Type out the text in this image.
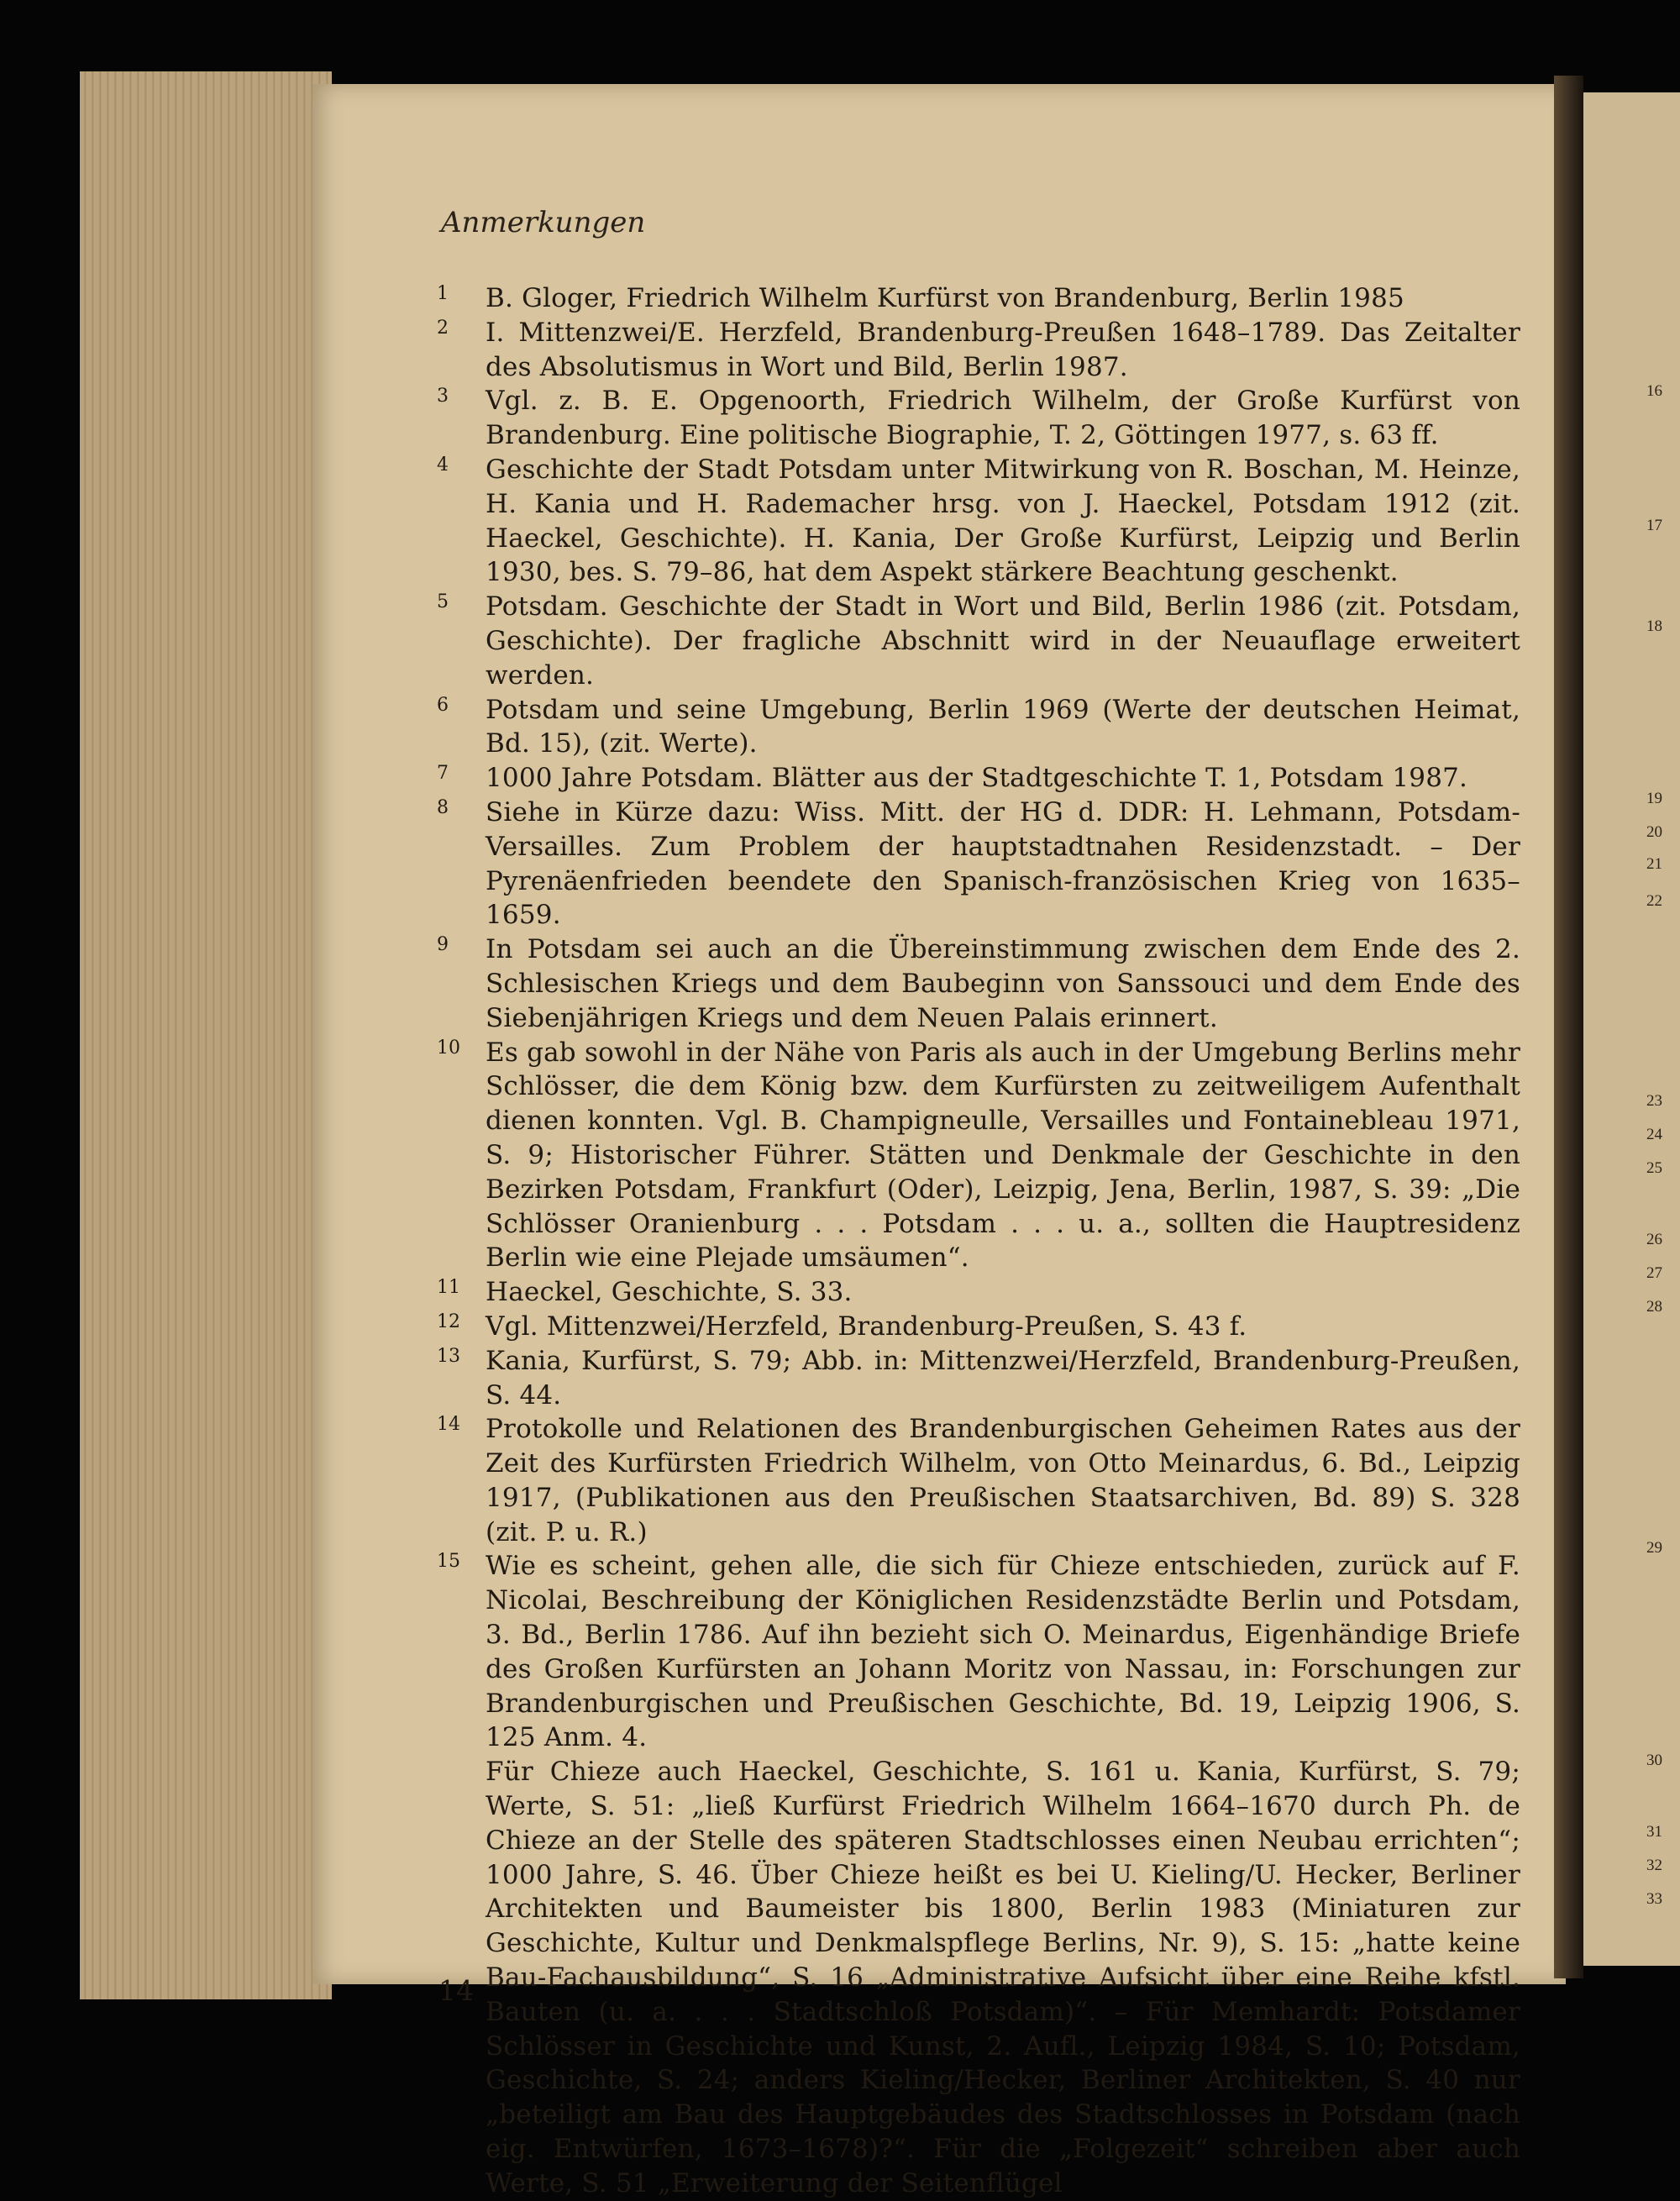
Anmerkungen
1	B. Gloger, Friedrich Wilhelm Kurfürst von Brandenburg, Berlin 1985

2	I. Mittenzwei/E. Herzfeld, Brandenburg-Preußen 1648–1789. Das Zeitalter des Absolutismus in Wort und Bild, Berlin 1987.

3	Vgl. z. B. E. Opgenoorth, Friedrich Wilhelm, der Große Kurfürst von Brandenburg. Eine politische Biographie, T. 2, Göttingen 1977, s. 63 ff.

4	Geschichte der Stadt Potsdam unter Mitwirkung von R. Boschan, M. Heinze, H. Kania und H. Rademacher hrsg. von J. Haeckel, Potsdam 1912 (zit. Haeckel, Geschichte). H. Kania, Der Große Kurfürst, Leipzig und Berlin 1930, bes. S. 79–86, hat dem Aspekt stärkere Beachtung geschenkt.

5	Potsdam. Geschichte der Stadt in Wort und Bild, Berlin 1986 (zit. Potsdam, Geschichte). Der fragliche Abschnitt wird in der Neuauflage erweitert werden.

6	Potsdam und seine Umgebung, Berlin 1969 (Werte der deutschen Heimat, Bd. 15), (zit. Werte).

7	1000 Jahre Potsdam. Blätter aus der Stadtgeschichte T. 1, Potsdam 1987.

8	Siehe in Kürze dazu: Wiss. Mitt. der HG d. DDR: H. Lehmann, Potsdam-Versailles. Zum Problem der hauptstadtnahen Residenzstadt. – Der Pyrenäenfrieden beendete den Spanisch-französischen Krieg von 1635–1659.

9	In Potsdam sei auch an die Übereinstimmung zwischen dem Ende des 2. Schlesischen Kriegs und dem Baubeginn von Sanssouci und dem Ende des Siebenjährigen Kriegs und dem Neuen Palais erinnert.

10 Es gab sowohl in der Nähe von Paris als auch in der Umgebung Berlins mehr Schlösser, die dem König bzw. dem Kurfürsten zu zeitweiligem Aufenthalt dienen konnten. Vgl. B. Champigneulle, Versailles und Fontainebleau 1971, S. 9; Historischer Führer. Stätten und Denkmale der Geschichte in den Bezirken Potsdam, Frankfurt (Oder), Leizpig, Jena, Berlin, 1987, S. 39: „Die Schlösser Oranienburg . . . Potsdam . . . u. a., sollten die Hauptresidenz Berlin wie eine Plejade umsäumen“.

11 Haeckel, Geschichte, S. 33.

12 Vgl. Mittenzwei/Herzfeld, Brandenburg-Preußen, S. 43 f.

13 Kania, Kurfürst, S. 79; Abb. in: Mittenzwei/Herzfeld, Brandenburg-Preußen, S. 44.

14 Protokolle und Relationen des Brandenburgischen Geheimen Rates aus der Zeit des Kurfürsten Friedrich Wilhelm, von Otto Meinardus, 6. Bd., Leipzig 1917, (Publikationen aus den Preußischen Staatsarchiven, Bd. 89) S. 328 (zit. P. u. R.)

15 Wie es scheint, gehen alle, die sich für Chieze entschieden, zurück auf F. Nicolai, Beschreibung der Königlichen Residenzstädte Berlin und Potsdam, 3. Bd., Berlin 1786. Auf ihn bezieht sich O. Meinardus, Eigenhändige Briefe des Großen Kurfürsten an Johann Moritz von Nassau, in: Forschungen zur Brandenburgischen und Preußischen Geschichte, Bd. 19, Leipzig 1906, S. 125 Anm. 4.

Für Chieze auch Haeckel, Geschichte, S. 161 u. Kania, Kurfürst, S. 79; Werte, S. 51: „ließ Kurfürst Friedrich Wilhelm 1664–1670 durch Ph. de Chieze an der Stelle des späteren Stadtschlosses einen Neubau errichten“; 1000 Jahre, S. 46. Über Chieze heißt es bei U. Kieling/U. Hecker, Berliner Architekten und Baumeister bis 1800, Berlin 1983 (Miniaturen zur Geschichte, Kultur und Denkmalspflege Berlins, Nr. 9), S. 15: „hatte keine Bau-Fachausbildung“, S. 16 „Administrative Aufsicht über eine Reihe kfstl. Bauten (u. a. . . . Stadtschloß Potsdam)“. – Für Memhardt: Potsdamer Schlösser in Geschichte und Kunst, 2. Aufl., Leipzig 1984, S. 10; Potsdam, Geschichte, S. 24; anders Kieling/Hecker, Berliner Architekten, S. 40 nur „beteiligt am Bau des Hauptgebäudes des Stadtschlosses in Potsdam (nach eig. Entwürfen, 1673–1678)?“. Für die „Folgezeit“ schreiben aber auch Werte, S. 51 „Erweiterung der Seitenflügel

14
16
17
18
19
20
21
22
23
24
25
26
27
28
29
30
31
32
33
